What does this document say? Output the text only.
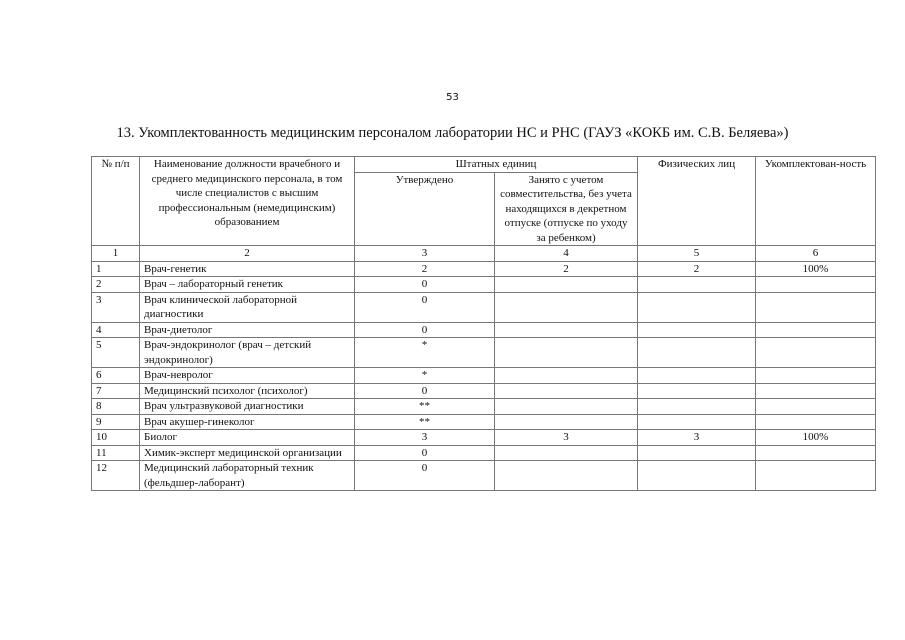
53
13. Укомплектованность медицинским персоналом лаборатории НС и РНС (ГАУЗ «КОКБ им. С.В. Беляева»)
№ п/п	Наименование должности врачебного и среднего медицинского персонала, в том числе специалистов с высшим профессиональным (немедицинским) образованием	Штатных единиц		Физических лиц	Укомплектован-ность
		Утверждено	Занято с учетом совместительства, без учета находящихся в декретном отпуске (отпуске по уходу за ребенком)		
1	2	3	4	5	6
1	Врач-генетик	2	2	2	100%
2	Врач – лабораторный генетик	0			
3	Врач клинической лабораторной диагностики	0			
4	Врач-диетолог	0			
5	Врач-эндокринолог (врач – детский эндокринолог)	*			
6	Врач-невролог	*			
7	Медицинский психолог (психолог)	0			
8	Врач ультразвуковой диагностики	**			
9	Врач акушер-гинеколог	**			
10	Биолог	3	3	3	100%
11	Химик-эксперт медицинской организации	0			
12	Медицинский лабораторный техник (фельдшер-лаборант)	0			
